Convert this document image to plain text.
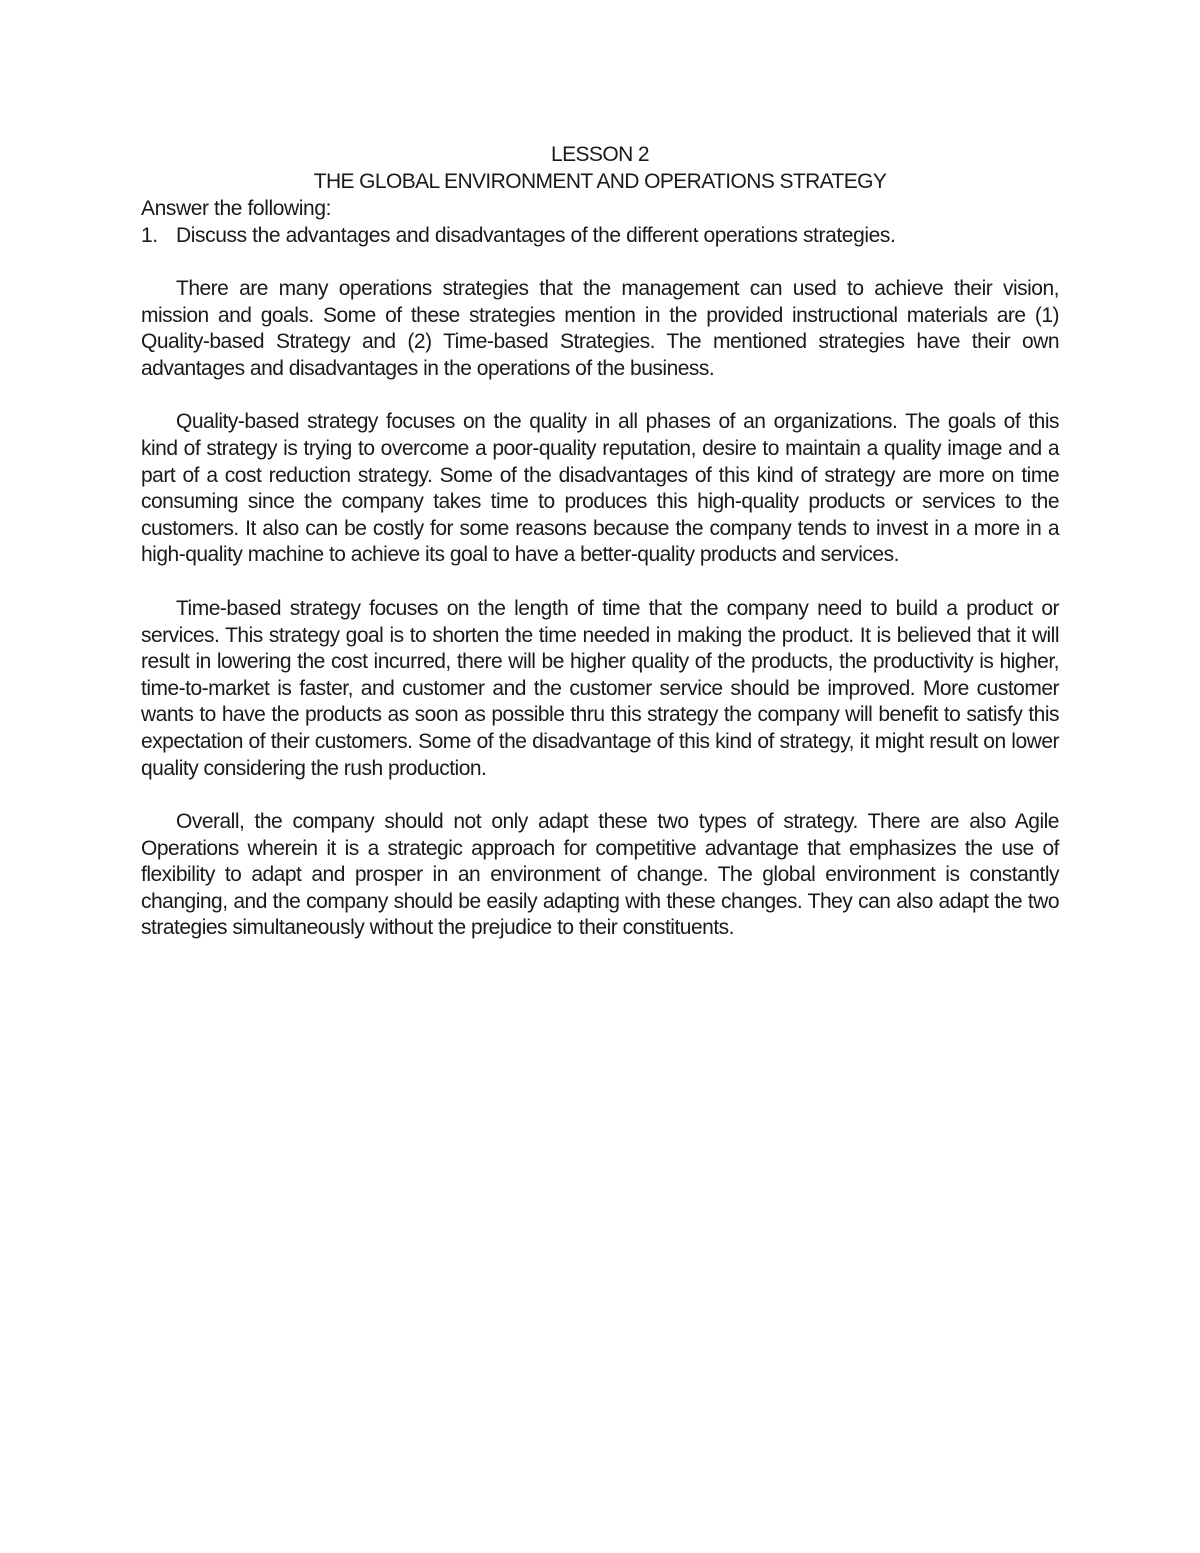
LESSON 2

THE GLOBAL ENVIRONMENT AND OPERATIONS STRATEGY

Answer the following:

1. Discuss the advantages and disadvantages of the different operations strategies.

There are many operations strategies that the management can used to achieve their vision, mission and goals. Some of these strategies mention in the provided instructional materials are (1) Quality-based Strategy and (2) Time-based Strategies. The mentioned strategies have their own advantages and disadvantages in the operations of the business.

Quality-based strategy focuses on the quality in all phases of an organizations. The goals of this kind of strategy is trying to overcome a poor-quality reputation, desire to maintain a quality image and a part of a cost reduction strategy. Some of the disadvantages of this kind of strategy are more on time consuming since the company takes time to produces this high-quality products or services to the customers. It also can be costly for some reasons because the company tends to invest in a more in a high-quality machine to achieve its goal to have a better-quality products and services.

Time-based strategy focuses on the length of time that the company need to build a product or services. This strategy goal is to shorten the time needed in making the product. It is believed that it will result in lowering the cost incurred, there will be higher quality of the products, the productivity is higher, time-to-market is faster, and customer and the customer service should be improved. More customer wants to have the products as soon as possible thru this strategy the company will benefit to satisfy this expectation of their customers. Some of the disadvantage of this kind of strategy, it might result on lower quality considering the rush production.

Overall, the company should not only adapt these two types of strategy. There are also Agile Operations wherein it is a strategic approach for competitive advantage that emphasizes the use of flexibility to adapt and prosper in an environment of change. The global environment is constantly changing, and the company should be easily adapting with these changes. They can also adapt the two strategies simultaneously without the prejudice to their constituents.
